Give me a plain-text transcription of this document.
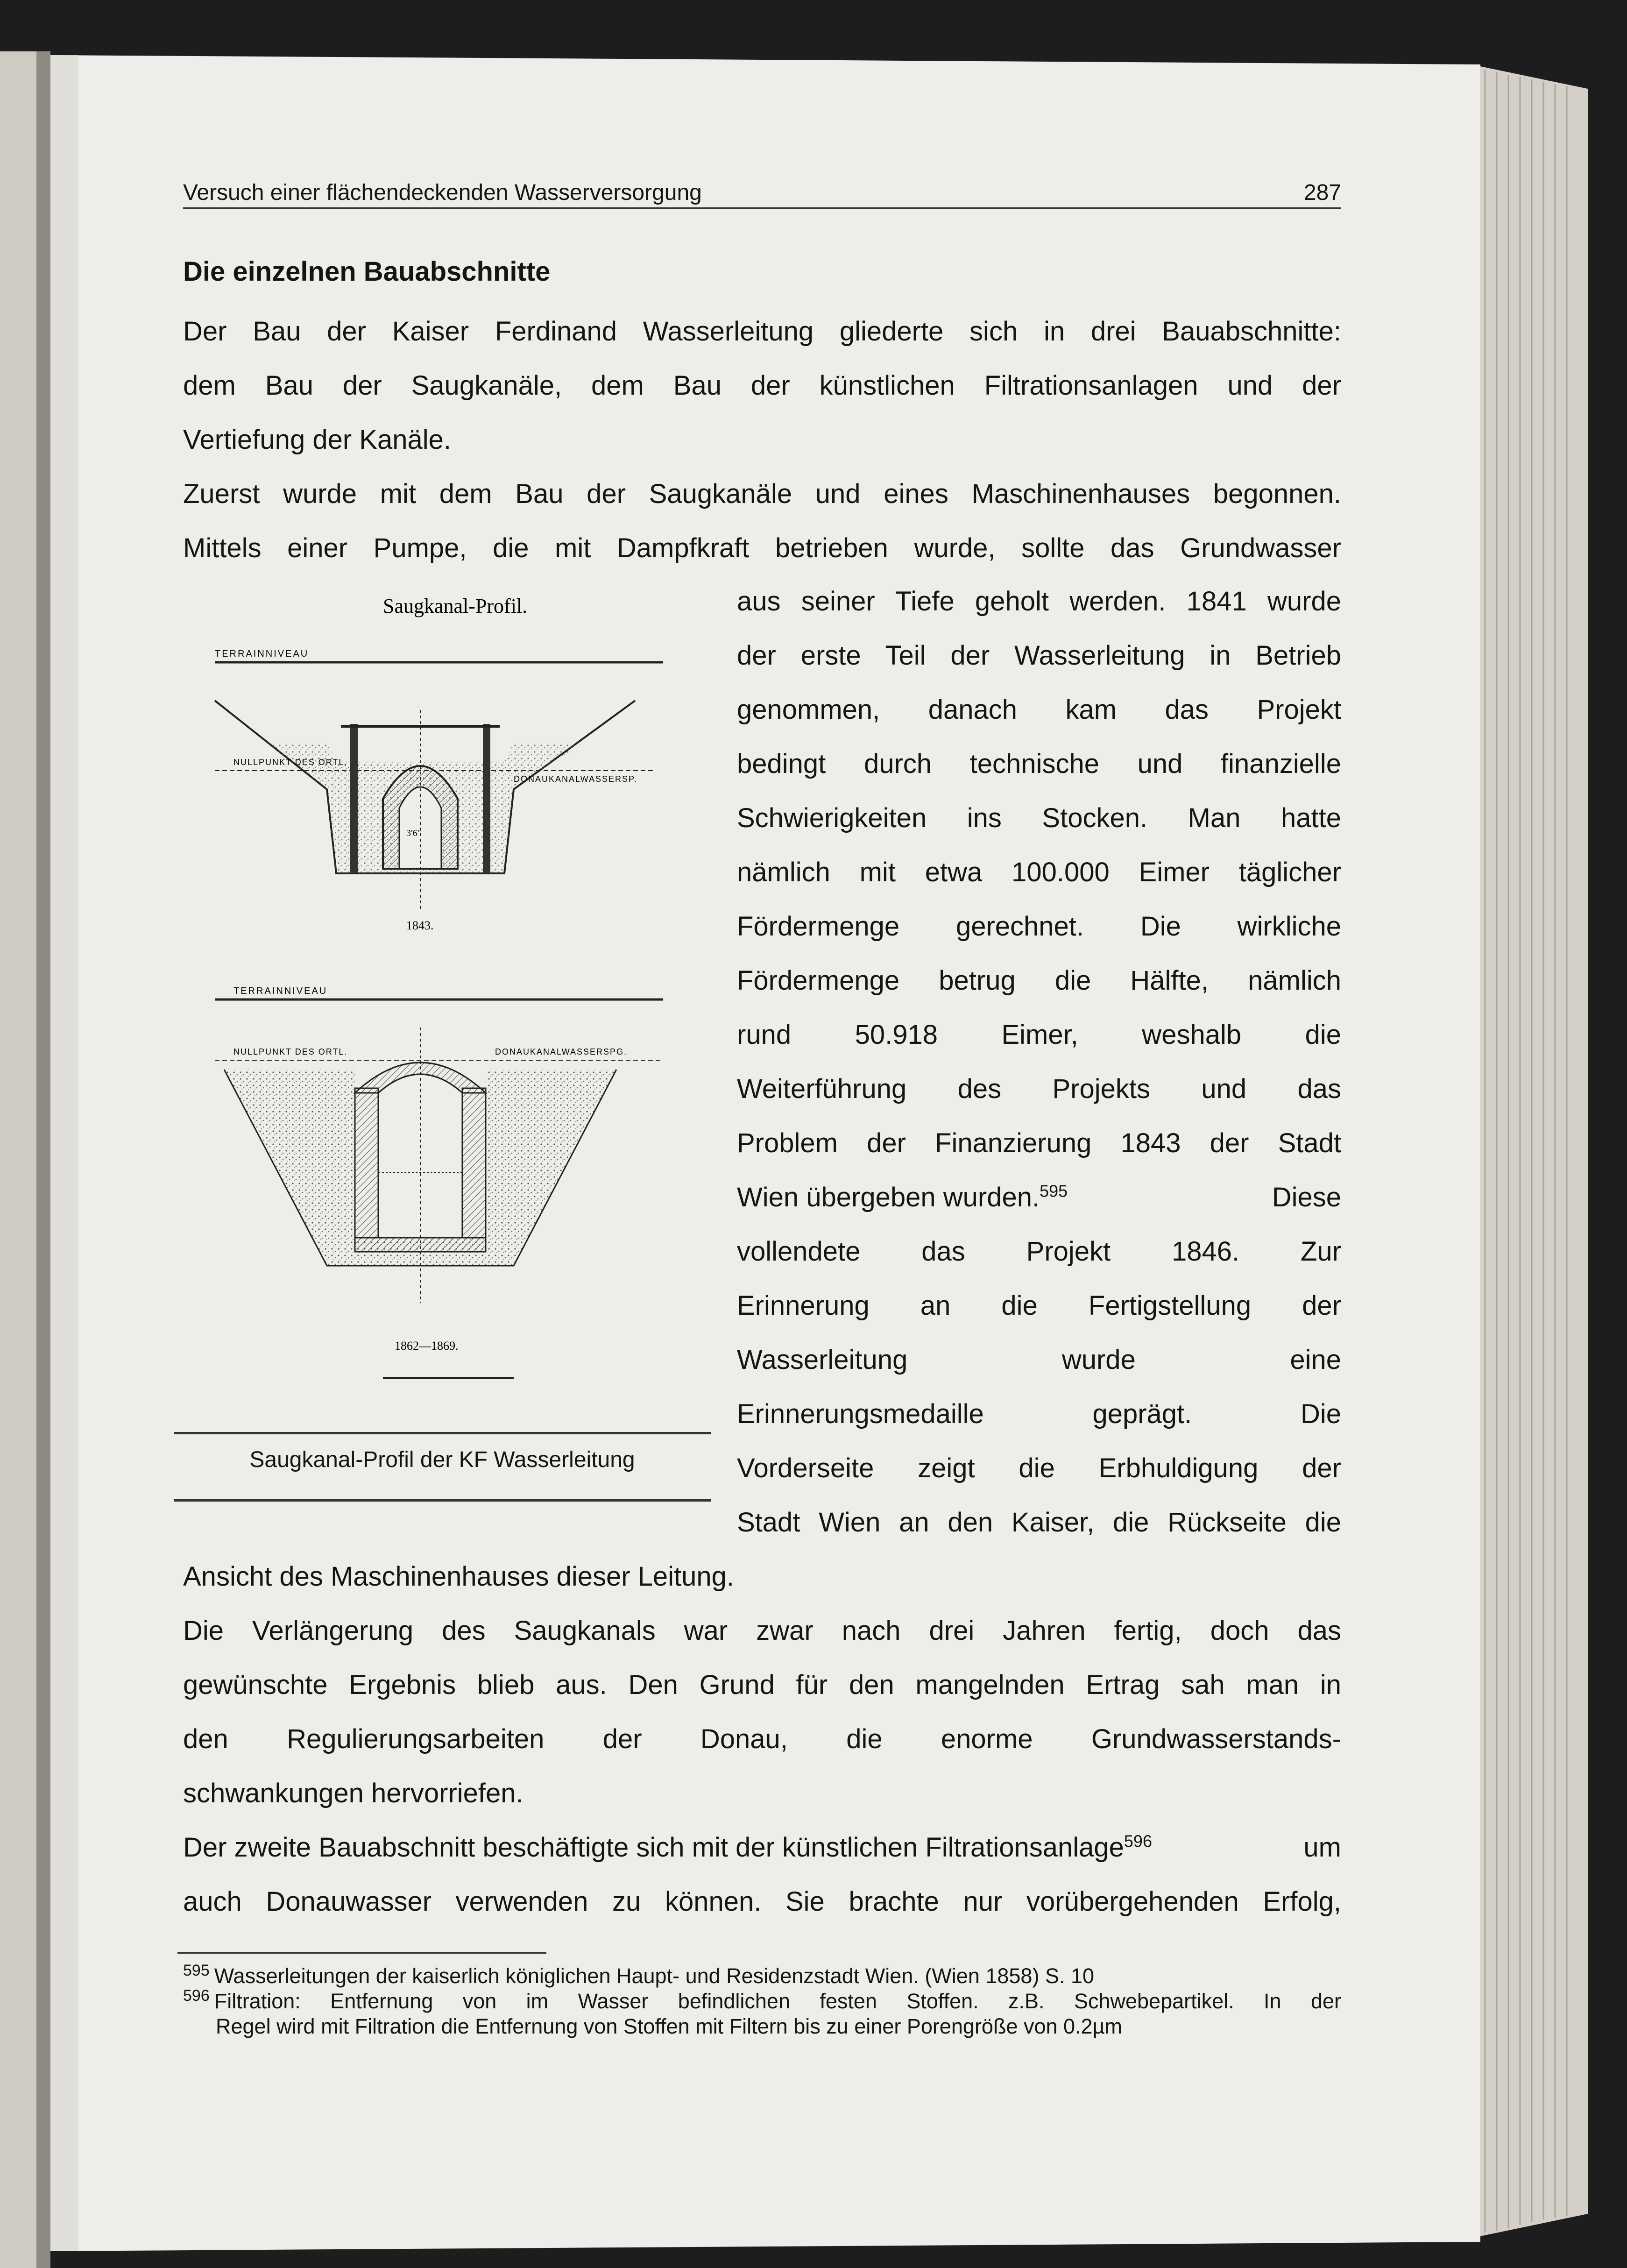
Versuch einer flächendeckenden Wasserversorgung	287
Die einzelnen Bauabschnitte

Der Bau der Kaiser Ferdinand Wasserleitung gliederte sich in drei Bauabschnitte:

dem Bau der Saugkanäle, dem Bau der künstlichen Filtrationsanlagen und der

Vertiefung der Kanäle.

Zuerst wurde mit dem Bau der Saugkanäle und eines Maschinenhauses begonnen.

Mittels einer Pumpe, die mit Dampfkraft betrieben wurde, sollte das Grundwasser

aus seiner Tiefe geholt werden. 1841 wurde

der erste Teil der Wasserleitung in Betrieb

genommen, danach kam das Projekt

bedingt durch technische und finanzielle

Schwierigkeiten ins Stocken. Man hatte

nämlich mit etwa 100.000 Eimer täglicher

Fördermenge gerechnet. Die wirkliche

Fördermenge betrug die Hälfte, nämlich

rund 50.918 Eimer, weshalb die

Weiterführung des Projekts und das

Problem der Finanzierung 1843 der Stadt

Wien übergeben wurden.$^{595}$	Diese

vollendete das Projekt 1846. Zur

Erinnerung an die Fertigstellung der

Wasserleitung wurde eine

Erinnerungsmedaille geprägt. Die

Vorderseite zeigt die Erbhuldigung der

Stadt Wien an den Kaiser, die Rückseite die

Ansicht des Maschinenhauses dieser Leitung.

Saugkanal-Profil.
TERRAINNIVEAU
NULLPUNKT DES ORTL.
DONAUKANALWASSERSP.
3'6"
1843.
TERRAINNIVEAU
NULLPUNKT DES ORTL.	DONAUKANALWASSERSPG.
1862—1869.
Saugkanal-Profil der KF Wasserleitung

Die Verlängerung des Saugkanals war zwar nach drei Jahren fertig, doch das

gewünschte Ergebnis blieb aus. Den Grund für den mangelnden Ertrag sah man in

den Regulierungsarbeiten der Donau, die enorme Grundwasserstands-

schwankungen hervorriefen.

Der zweite Bauabschnitt beschäftigte sich mit der künstlichen Filtrationsanlage$^{596}$	um

auch Donauwasser verwenden zu können. Sie brachte nur vorübergehenden Erfolg,

$^{595}$ Wasserleitungen der kaiserlich königlichen Haupt- und Residenzstadt Wien. (Wien 1858) S. 10
$^{596}$ Filtration: Entfernung von im Wasser befindlichen festen Stoffen. z.B. Schwebepartikel. In der
Regel wird mit Filtration die Entfernung von Stoffen mit Filtern bis zu einer Porengröße von 0.2µm
